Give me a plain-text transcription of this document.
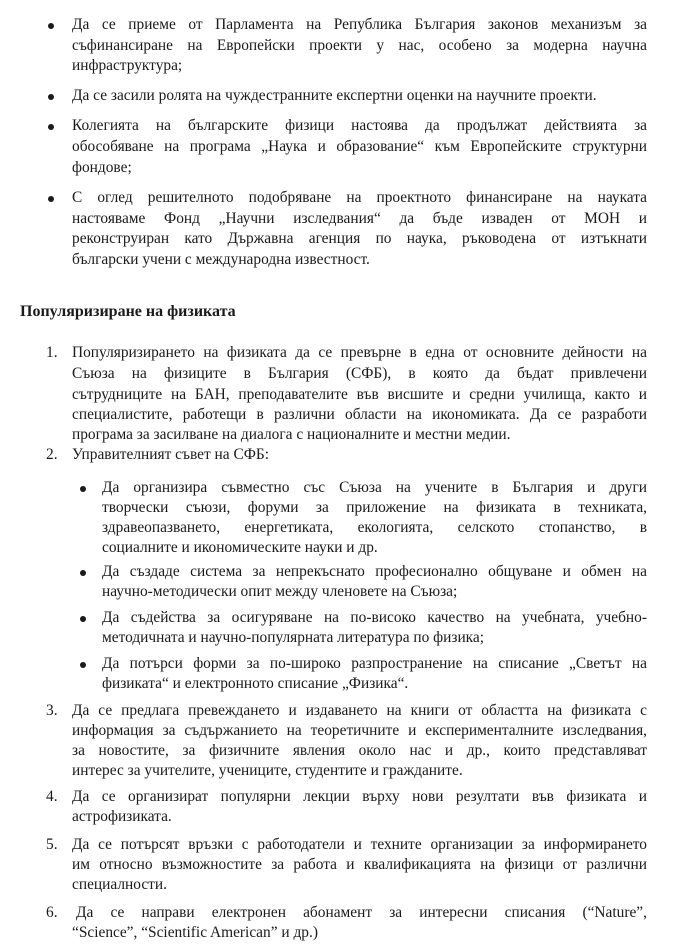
Да се приеме от Парламента на Република България законов механизъм за
съфинансиране на Европейски проекти у нас, особено за модерна научна
инфраструктура;
Да се засили ролята на чуждестранните експертни оценки на научните проекти.
Колегията на българските физици настоява да продължат действията за
обособяване на програма „Наука и образование“ към Европейските структурни
фондове;
С оглед решителното подобряване на проектното финансиране на науката
настояваме Фонд „Научни изследвания“ да бъде изваден от МОН и
реконструиран като Държавна агенция по наука, ръководена от изтъкнати
български учени с международна известност.
Популяризиране на физиката
1. Популяризирането на физиката да се превърне в една от основните дейности на
Съюза на физиците в България (СФБ), в която да бъдат привлечени
сътрудниците на БАН, преподавателите във висшите и средни училища, както и
специалистите, работещи в различни области на икономиката. Да се разработи
програма за засилване на диалога с националните и местни медии.
2. Управителният съвет на СФБ:
Да организира съвместно със Съюза на учените в България и други
творчески съюзи, форуми за приложение на физиката в техниката,
здравеопазването, енергетиката, екологията, селското стопанство, в
социалните и икономическите науки и др.
Да създаде система за непрекъснато професионално общуване и обмен на
научно-методически опит между членовете на Съюза;
Да съдейства за осигуряване на по-високо качество на учебната, учебно-
методичната и научно-популярната литература по физика;
Да потърси форми за по-широко разпространение на списание „Светът на
физиката“ и електронното списание „Физика“.
3. Да се предлага превеждането и издаването на книги от областта на физиката с
информация за съдържанието на теоретичните и експерименталните изследвания,
за новостите, за физичните явления около нас и др., които представляват
интерес за учителите, учениците, студентите и гражданите.
4. Да се организират популярни лекции върху нови резултати във физиката и
астрофизиката.
5. Да се потърсят връзки с работодатели и техните организации за информирането
им относно възможностите за работа и квалификацията на физици от различни
специалности.
6. Да се направи електронен абонамент за интересни списания (“Nature”,
“Science”, “Scientific American” и др.)
